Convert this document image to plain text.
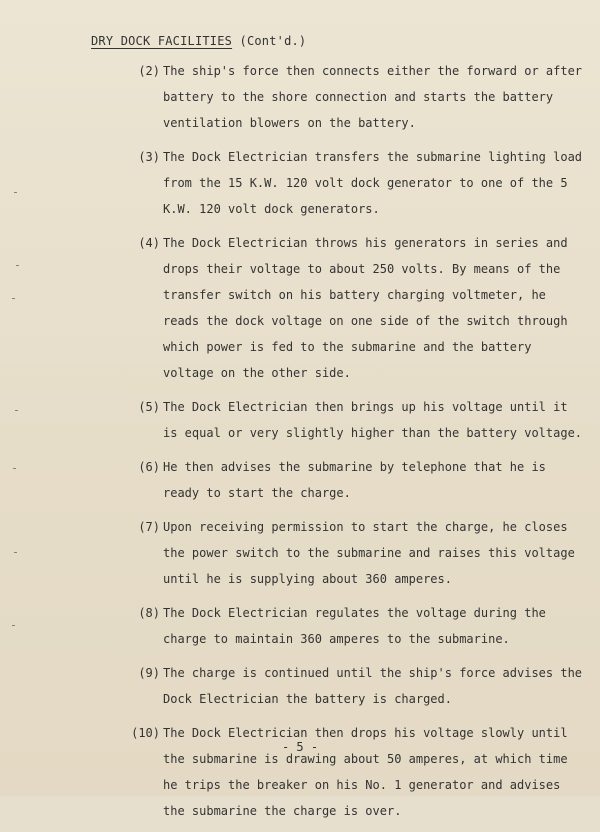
DRY DOCK FACILITIES (Cont'd.)
(2) The ship's force then connects either the forward or after battery to the shore connection and starts the battery ventilation blowers on the battery.
(3) The Dock Electrician transfers the submarine lighting load from the 15 K.W. 120 volt dock generator to one of the 5 K.W. 120 volt dock generators.
(4) The Dock Electrician throws his generators in series and drops their voltage to about 250 volts. By means of the transfer switch on his battery charging voltmeter, he reads the dock voltage on one side of the switch through which power is fed to the submarine and the battery voltage on the other side.
(5) The Dock Electrician then brings up his voltage until it is equal or very slightly higher than the battery voltage.
(6) He then advises the submarine by telephone that he is ready to start the charge.
(7) Upon receiving permission to start the charge, he closes the power switch to the submarine and raises this voltage until he is supplying about 360 amperes.
(8) The Dock Electrician regulates the voltage during the charge to maintain 360 amperes to the submarine.
(9) The charge is continued until the ship's force advises the Dock Electrician the battery is charged.
(10) The Dock Electrician then drops his voltage slowly until the submarine is drawing about 50 amperes, at which time he trips the breaker on his No. 1 generator and advises the submarine the charge is over.
- 5 -
